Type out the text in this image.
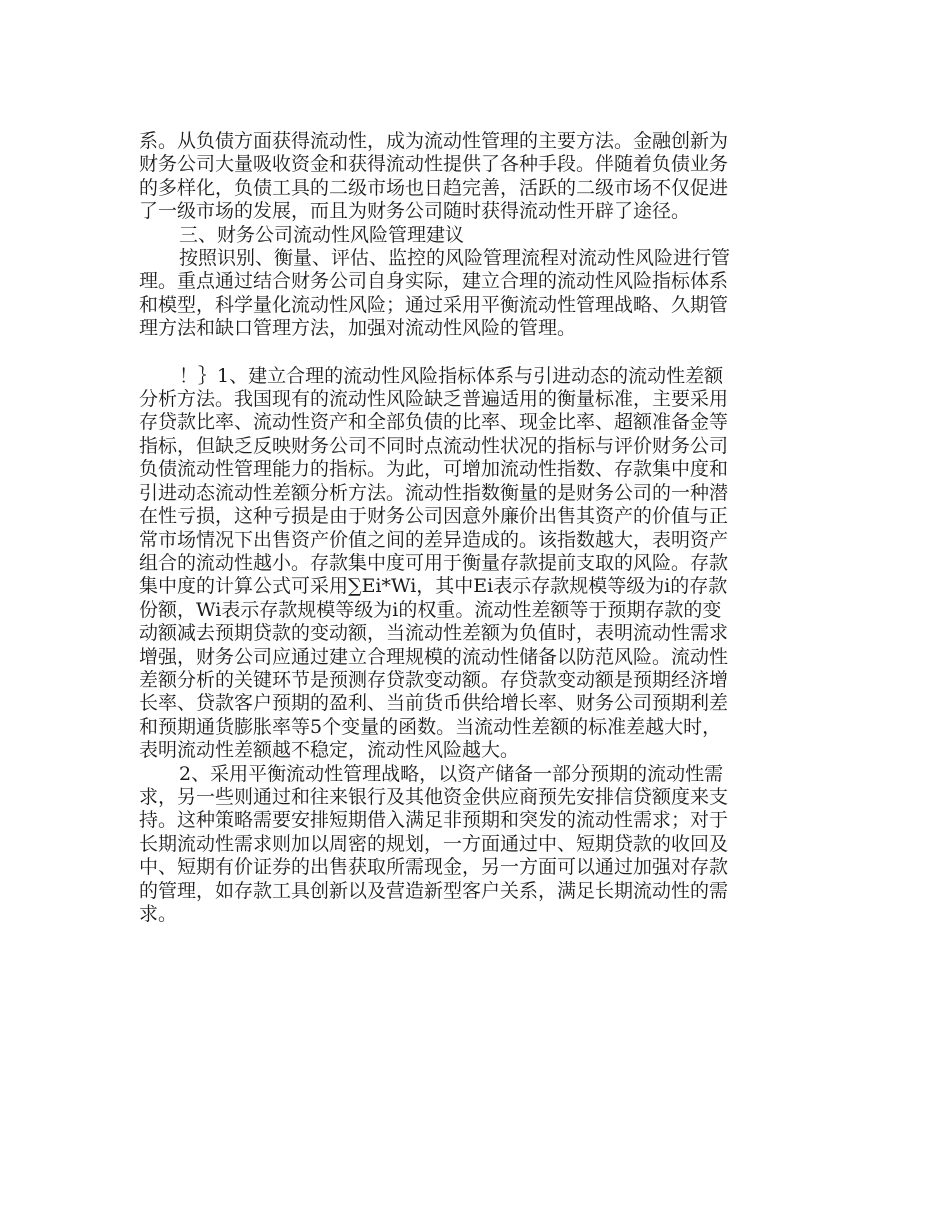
系。从负债方面获得流动性，成为流动性管理的主要方法。金融创新为财务公司大量吸收资金和获得流动性提供了各种手段。伴随着负债业务的多样化，负债工具的二级市场也日趋完善，活跃的二级市场不仅促进了一级市场的发展，而且为财务公司随时获得流动性开辟了途径。

三、财务公司流动性风险管理建议

按照识别、衡量、评估、监控的风险管理流程对流动性风险进行管理。重点通过结合财务公司自身实际，建立合理的流动性风险指标体系和模型，科学量化流动性风险；通过采用平衡流动性管理战略、久期管理方法和缺口管理方法，加强对流动性风险的管理。

！｝1、建立合理的流动性风险指标体系与引进动态的流动性差额分析方法。我国现有的流动性风险缺乏普遍适用的衡量标准，主要采用存贷款比率、流动性资产和全部负债的比率、现金比率、超额准备金等指标，但缺乏反映财务公司不同时点流动性状况的指标与评价财务公司负债流动性管理能力的指标。为此，可增加流动性指数、存款集中度和引进动态流动性差额分析方法。流动性指数衡量的是财务公司的一种潜在性亏损，这种亏损是由于财务公司因意外廉价出售其资产的价值与正常市场情况下出售资产价值之间的差异造成的。该指数越大，表明资产组合的流动性越小。存款集中度可用于衡量存款提前支取的风险。存款集中度的计算公式可采用∑Ei*Wi，其中Ei表示存款规模等级为i的存款份额，Wi表示存款规模等级为i的权重。流动性差额等于预期存款的变动额减去预期贷款的变动额，当流动性差额为负值时，表明流动性需求增强，财务公司应通过建立合理规模的流动性储备以防范风险。流动性差额分析的关键环节是预测存贷款变动额。存贷款变动额是预期经济增长率、贷款客户预期的盈利、当前货币供给增长率、财务公司预期利差和预期通货膨胀率等5个变量的函数。当流动性差额的标准差越大时，表明流动性差额越不稳定，流动性风险越大。

2、采用平衡流动性管理战略，以资产储备一部分预期的流动性需求，另一些则通过和往来银行及其他资金供应商预先安排信贷额度来支持。这种策略需要安排短期借入满足非预期和突发的流动性需求；对于长期流动性需求则加以周密的规划，一方面通过中、短期贷款的收回及中、短期有价证券的出售获取所需现金，另一方面可以通过加强对存款的管理，如存款工具创新以及营造新型客户关系，满足长期流动性的需求。
